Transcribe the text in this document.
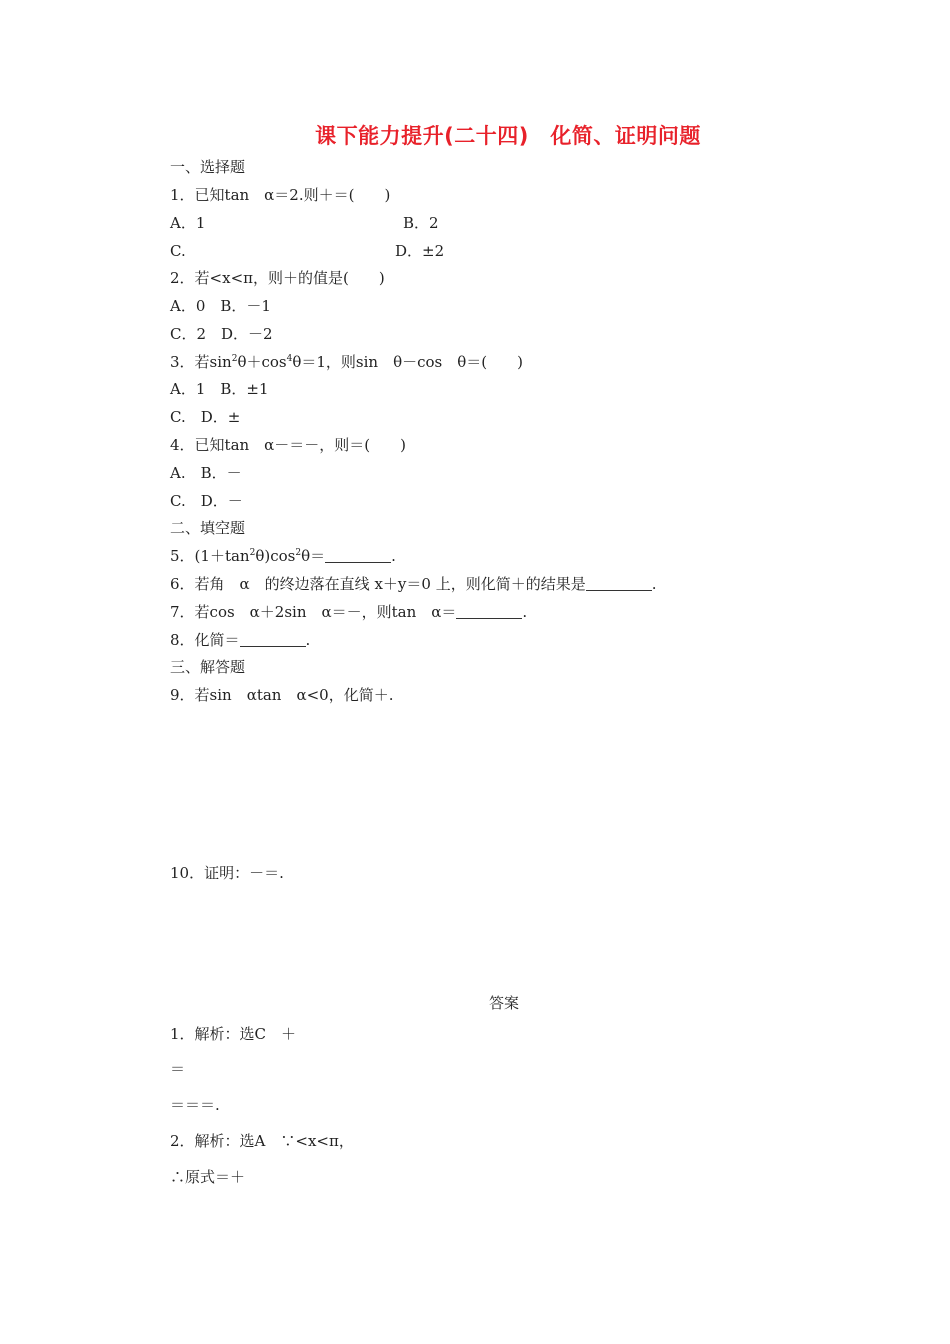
课下能力提升(二十四)　化简、证明问题
一、选择题
1．已知tan　α＝2.则＋＝(　　)
A．1	B．2
C.	D．±2
2．若<x<π，则＋的值是(　　)
A．0　B．－1
C．2　D．－2
3．若$\sin^2\theta+\cos^4\theta=1$，则sin　θ－cos　θ＝(　　)
A．1　B．±1
C.　D．±
4．已知tan　α－＝－，则＝(　　)
A.　B．－
C.　D．－
二、填空题
5．$(1+\tan^2\theta)\cos^2\theta=$	.
6．若角　α　的终边落在直线 x＋y＝0 上，则化简＋的结果是	.
7．若cos　α＋2sin　α＝－，则tan　α＝	.
8．化简＝	.
三、解答题
9．若sin　αtan　α<0，化简＋.
10．证明：－＝.
答案
1．解析：选C　＋
＝
＝＝＝.
2．解析：选A　∵<x<π，
∴原式＝＋
